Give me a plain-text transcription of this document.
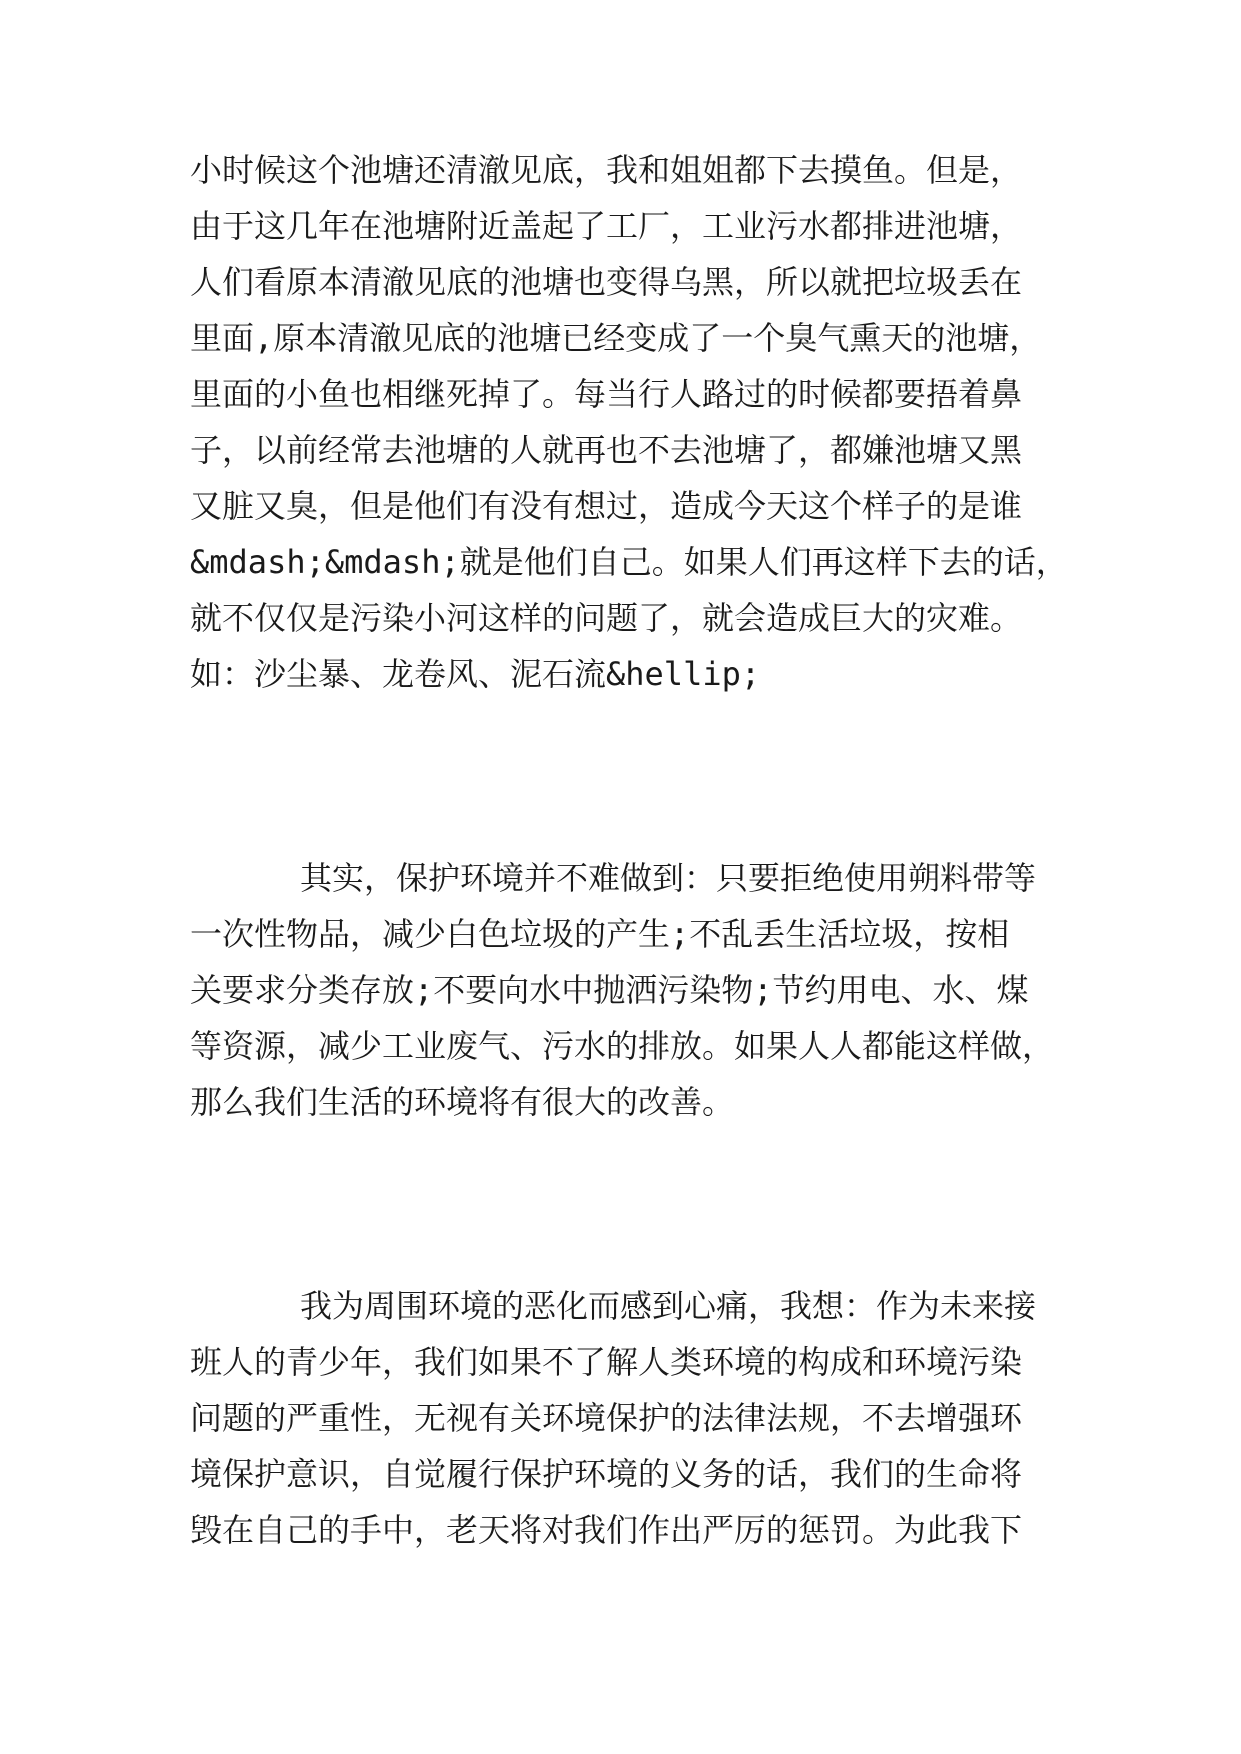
小时候这个池塘还清澈见底，我和姐姐都下去摸鱼。但是，

由于这几年在池塘附近盖起了工厂，工业污水都排进池塘，

人们看原本清澈见底的池塘也变得乌黑，所以就把垃圾丢在

里面,原本清澈见底的池塘已经变成了一个臭气熏天的池塘，

里面的小鱼也相继死掉了。每当行人路过的时候都要捂着鼻

子，以前经常去池塘的人就再也不去池塘了，都嫌池塘又黑

又脏又臭，但是他们有没有想过，造成今天这个样子的是谁

&mdash;&mdash;就是他们自己。如果人们再这样下去的话，

就不仅仅是污染小河这样的问题了，就会造成巨大的灾难。

如：沙尘暴、龙卷风、泥石流&hellip;

其实，保护环境并不难做到：只要拒绝使用朔料带等

一次性物品，减少白色垃圾的产生;不乱丢生活垃圾，按相

关要求分类存放;不要向水中抛洒污染物;节约用电、水、煤

等资源，减少工业废气、污水的排放。如果人人都能这样做，

那么我们生活的环境将有很大的改善。

我为周围环境的恶化而感到心痛，我想：作为未来接

班人的青少年，我们如果不了解人类环境的构成和环境污染

问题的严重性，无视有关环境保护的法律法规，不去增强环

境保护意识，自觉履行保护环境的义务的话，我们的生命将

毁在自己的手中，老天将对我们作出严厉的惩罚。为此我下
